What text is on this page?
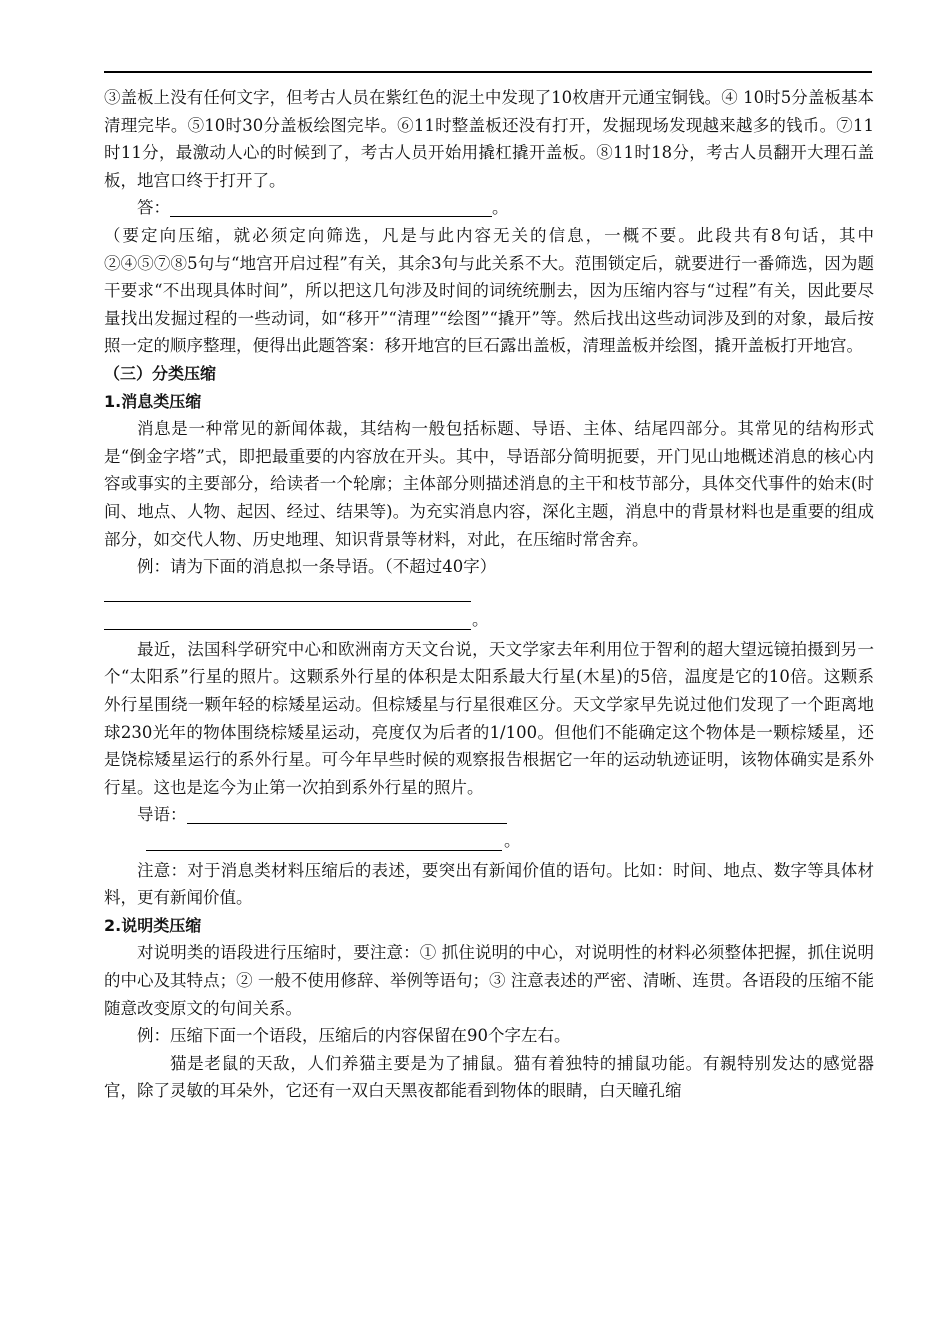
③盖板上没有任何文字，但考古人员在紫红色的泥土中发现了10枚唐开元通宝铜钱。④ 10时5分盖板基本清理完毕。⑤10时30分盖板绘图完毕。⑥11时整盖板还没有打开，发掘现场发现越来越多的钱币。⑦11时11分，最激动人心的时候到了，考古人员开始用撬杠撬开盖板。⑧11时18分，考古人员翻开大理石盖板，地宫口终于打开了。

答：	。

（要定向压缩，就必须定向筛选，凡是与此内容无关的信息，一概不要。此段共有8句话，其中②④⑤⑦⑧5句与“地宫开启过程”有关，其余3句与此关系不大。范围锁定后，就要进行一番筛选，因为题干要求“不出现具体时间”，所以把这几句涉及时间的词统统删去，因为压缩内容与“过程”有关，因此要尽量找出发掘过程的一些动词，如“移开”“清理”“绘图”“撬开”等。然后找出这些动词涉及到的对象，最后按照一定的顺序整理，便得出此题答案：移开地宫的巨石露出盖板，清理盖板并绘图，撬开盖板打开地宫。

（三）分类压缩

1.消息类压缩

消息是一种常见的新闻体裁，其结构一般包括标题、导语、主体、结尾四部分。其常见的结构形式是“倒金字塔”式，即把最重要的内容放在开头。其中，导语部分简明扼要，开门见山地概述消息的核心内容或事实的主要部分，给读者一个轮廓；主体部分则描述消息的主干和枝节部分，具体交代事件的始末(时间、地点、人物、起因、经过、结果等)。为充实消息内容，深化主题，消息中的背景材料也是重要的组成部分，如交代人物、历史地理、知识背景等材料，对此，在压缩时常舍弃。

例：请为下面的消息拟一条导语。（不超过40字）

。

最近，法国科学研究中心和欧洲南方天文台说，天文学家去年利用位于智利的超大望远镜拍摄到另一个“太阳系”行星的照片。这颗系外行星的体积是太阳系最大行星(木星)的5倍，温度是它的10倍。这颗系外行星围绕一颗年轻的棕矮星运动。但棕矮星与行星很难区分。天文学家早先说过他们发现了一个距离地球230光年的物体围绕棕矮星运动，亮度仅为后者的1/100。但他们不能确定这个物体是一颗棕矮星，还是饶棕矮星运行的系外行星。可今年早些时候的观察报告根据它一年的运动轨迹证明，该物体确实是系外行星。这也是迄今为止第一次拍到系外行星的照片。

导语：

。

注意：对于消息类材料压缩后的表述，要突出有新闻价值的语句。比如：时间、地点、数字等具体材料，更有新闻价值。

2.说明类压缩

对说明类的语段进行压缩时，要注意：① 抓住说明的中心，对说明性的材料必须整体把握，抓住说明的中心及其特点；② 一般不使用修辞、举例等语句；③ 注意表述的严密、清晰、连贯。各语段的压缩不能随意改变原文的句间关系。

例：压缩下面一个语段，压缩后的内容保留在90个字左右。

猫是老鼠的天敌，人们养猫主要是为了捕鼠。猫有着独特的捕鼠功能。有親特别发达的感觉器官，除了灵敏的耳朵外，它还有一双白天黑夜都能看到物体的眼睛，白天瞳孔缩
